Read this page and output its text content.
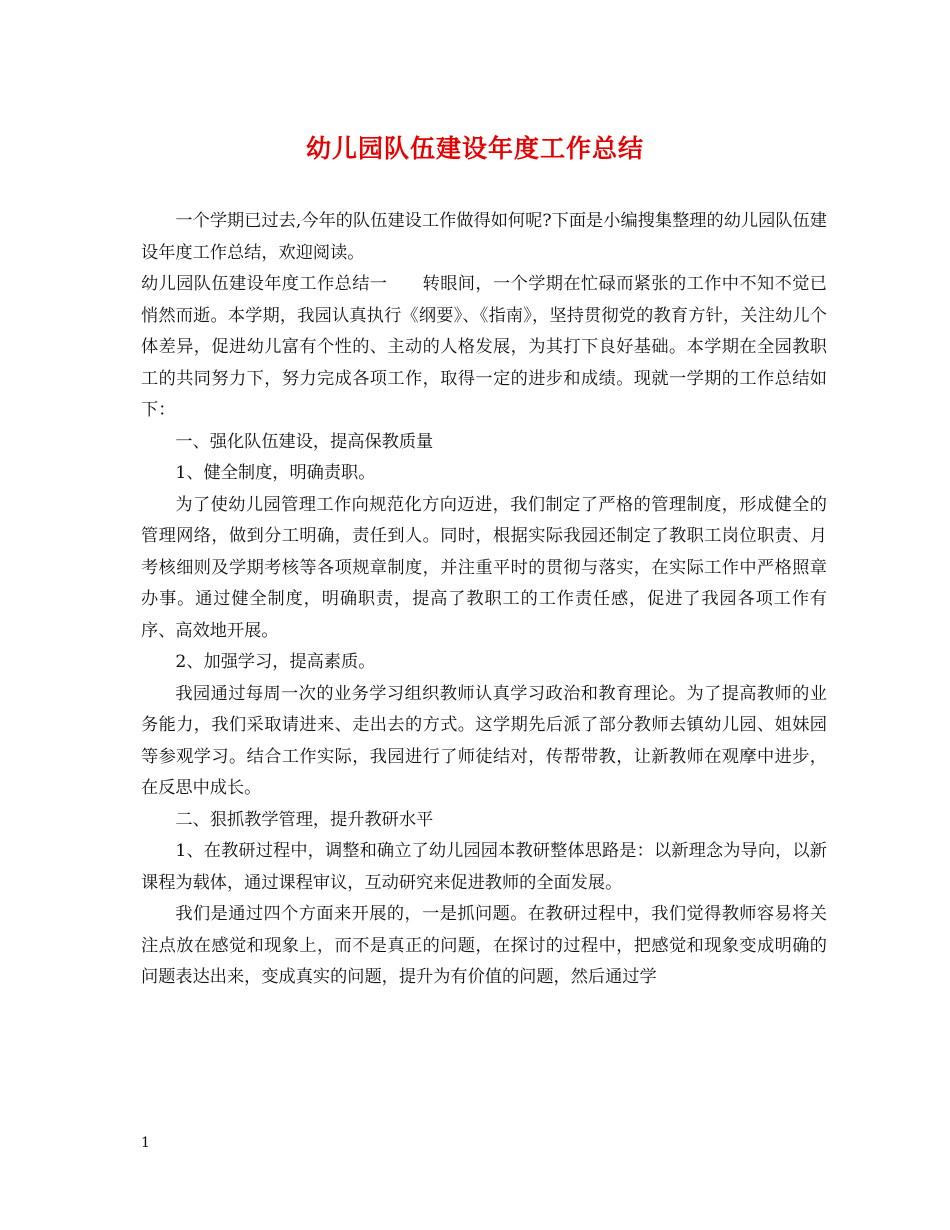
幼儿园队伍建设年度工作总结

一个学期已过去,今年的队伍建设工作做得如何呢?下面是小编搜集整理的幼儿园队伍建设年度工作总结，欢迎阅读。

幼儿园队伍建设年度工作总结一　　转眼间，一个学期在忙碌而紧张的工作中不知不觉已悄然而逝。本学期，我园认真执行《纲要》、《指南》，坚持贯彻党的教育方针，关注幼儿个体差异，促进幼儿富有个性的、主动的人格发展，为其打下良好基础。本学期在全园教职工的共同努力下，努力完成各项工作，取得一定的进步和成绩。现就一学期的工作总结如下：

一、强化队伍建设，提高保教质量

1、健全制度，明确责职。

为了使幼儿园管理工作向规范化方向迈进，我们制定了严格的管理制度，形成健全的管理网络，做到分工明确，责任到人。同时，根据实际我园还制定了教职工岗位职责、月考核细则及学期考核等各项规章制度，并注重平时的贯彻与落实，在实际工作中严格照章办事。通过健全制度，明确职责，提高了教职工的工作责任感，促进了我园各项工作有序、高效地开展。

2、加强学习，提高素质。

我园通过每周一次的业务学习组织教师认真学习政治和教育理论。为了提高教师的业务能力，我们采取请进来、走出去的方式。这学期先后派了部分教师去镇幼儿园、姐妹园等参观学习。结合工作实际，我园进行了师徒结对，传帮带教，让新教师在观摩中进步，在反思中成长。

二、狠抓教学管理，提升教研水平

1、在教研过程中，调整和确立了幼儿园园本教研整体思路是：以新理念为导向，以新课程为载体，通过课程审议，互动研究来促进教师的全面发展。

我们是通过四个方面来开展的，一是抓问题。在教研过程中，我们觉得教师容易将关注点放在感觉和现象上，而不是真正的问题，在探讨的过程中，把感觉和现象变成明确的问题表达出来，变成真实的问题，提升为有价值的问题，然后通过学

1
